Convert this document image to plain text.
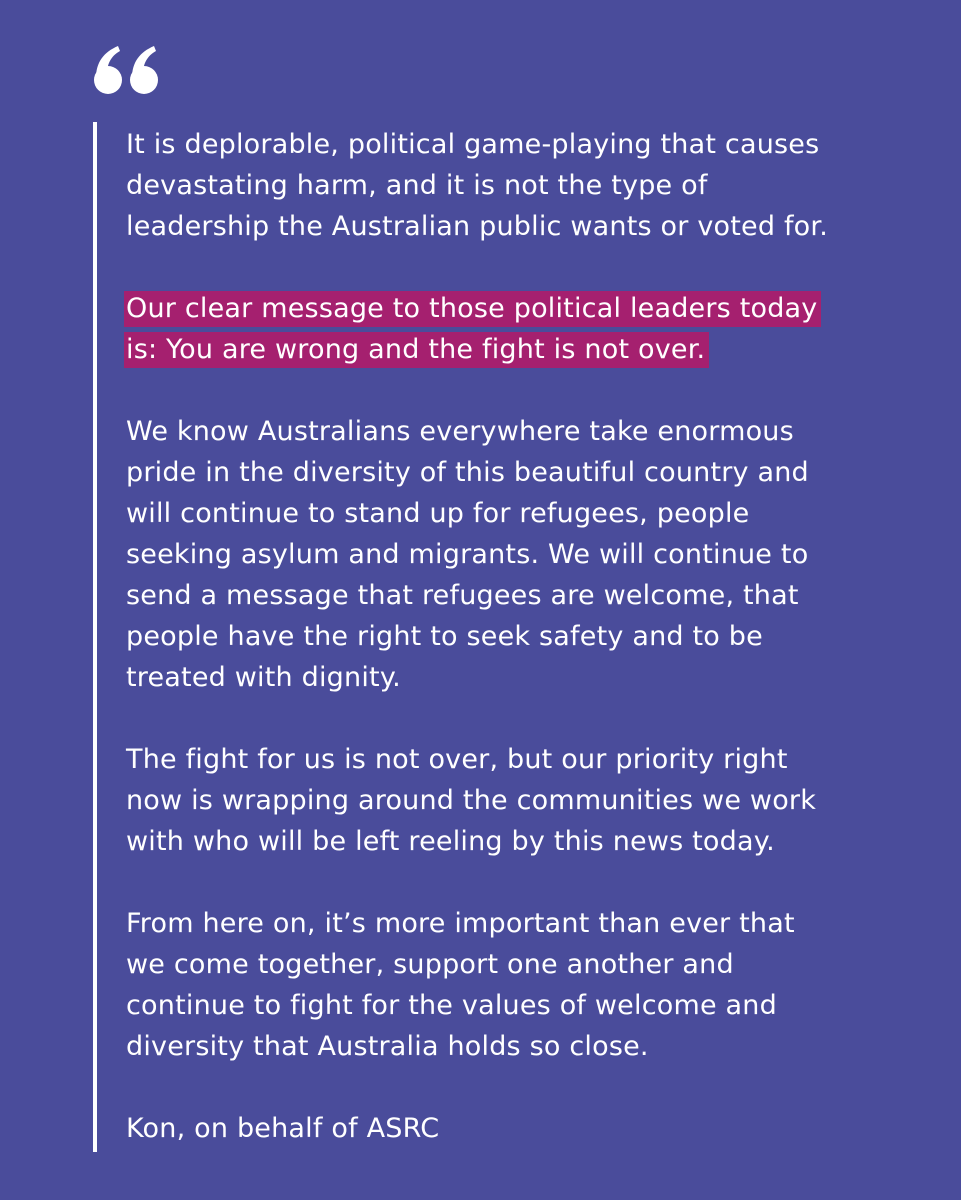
It is deplorable, political game-playing that causes
devastating harm, and it is not the type of
leadership the Australian public wants or voted for.
Our clear message to those political leaders today
is: You are wrong and the fight is not over.
We know Australians everywhere take enormous
pride in the diversity of this beautiful country and
will continue to stand up for refugees, people
seeking asylum and migrants. We will continue to
send a message that refugees are welcome, that
people have the right to seek safety and to be
treated with dignity.
The fight for us is not over, but our priority right
now is wrapping around the communities we work
with who will be left reeling by this news today.
From here on, it’s more important than ever that
we come together, support one another and
continue to fight for the values of welcome and
diversity that Australia holds so close.
Kon, on behalf of ASRC
